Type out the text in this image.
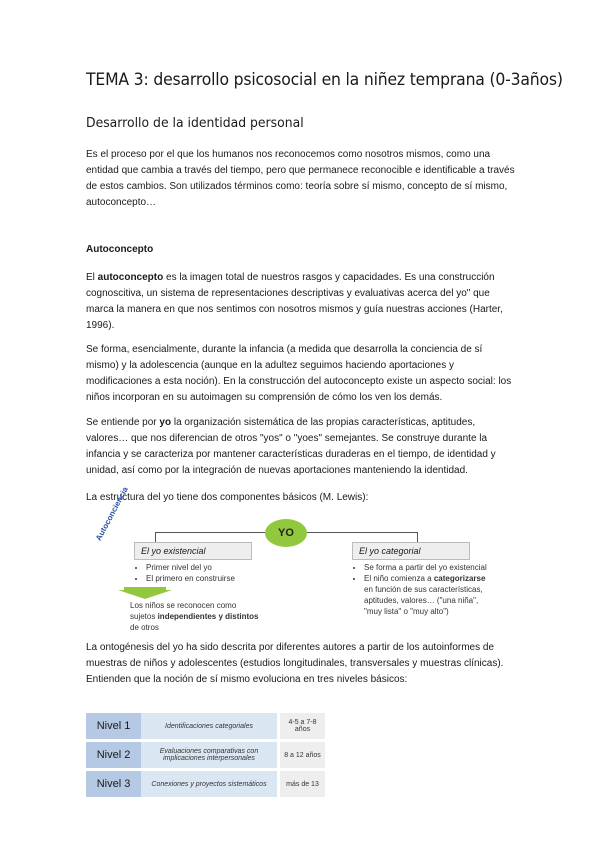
TEMA 3: desarrollo psicosocial en la niñez temprana (0-3años)
Desarrollo de la identidad personal

Es el proceso por el que los humanos nos reconocemos como nosotros mismos, como una entidad que cambia a través del tiempo, pero que permanece reconocible e identificable a través de estos cambios. Son utilizados términos como: teoría sobre sí mismo, concepto de sí mismo, autoconcepto…

Autoconcepto

El autoconcepto es la imagen total de nuestros rasgos y capacidades. Es una construcción cognoscitiva, un sistema de representaciones descriptivas y evaluativas acerca del yo" que marca la manera en que nos sentimos con nosotros mismos y guía nuestras acciones (Harter, 1996).

Se forma, esencialmente, durante la infancia (a medida que desarrolla la conciencia de sí mismo) y la adolescencia (aunque en la adultez seguimos haciendo aportaciones y modificaciones a esta noción). En la construcción del autoconcepto existe un aspecto social: los niños incorporan en su autoimagen su comprensión de cómo los ven los demás.

Se entiende por yo la organización sistemática de las propias características, aptitudes, valores… que nos diferencian de otros "yos" o "yoes" semejantes. Se construye durante la infancia y se caracteriza por mantener características duraderas en el tiempo, de identidad y unidad, así como por la integración de nuevas aportaciones manteniendo la identidad.

La estructura del yo tiene dos componentes básicos (M. Lewis):

YO
Autoconciencia
El yo existencial
• Primer nivel del yo
• El primero en construirse
Los niños se reconocen como sujetos independientes y distintos de otros
El yo categorial
• Se forma a partir del yo existencial
• El niño comienza a categorizarse en función de sus características, aptitudes, valores… ("una niña", "muy lista" o "muy alto")

La ontogénesis del yo ha sido descrita por diferentes autores a partir de los autoinformes de muestras de niños y adolescentes (estudios longitudinales, transversales y muestras clínicas). Entienden que la noción de sí mismo evoluciona en tres niveles básicos:

Nivel 1	Identificaciones categoriales	4-5 a 7-8 años
Nivel 2	Evaluaciones comparativas con implicaciones interpersonales	8 a 12 años
Nivel 3	Conexiones y proyectos sistemáticos	más de 13
